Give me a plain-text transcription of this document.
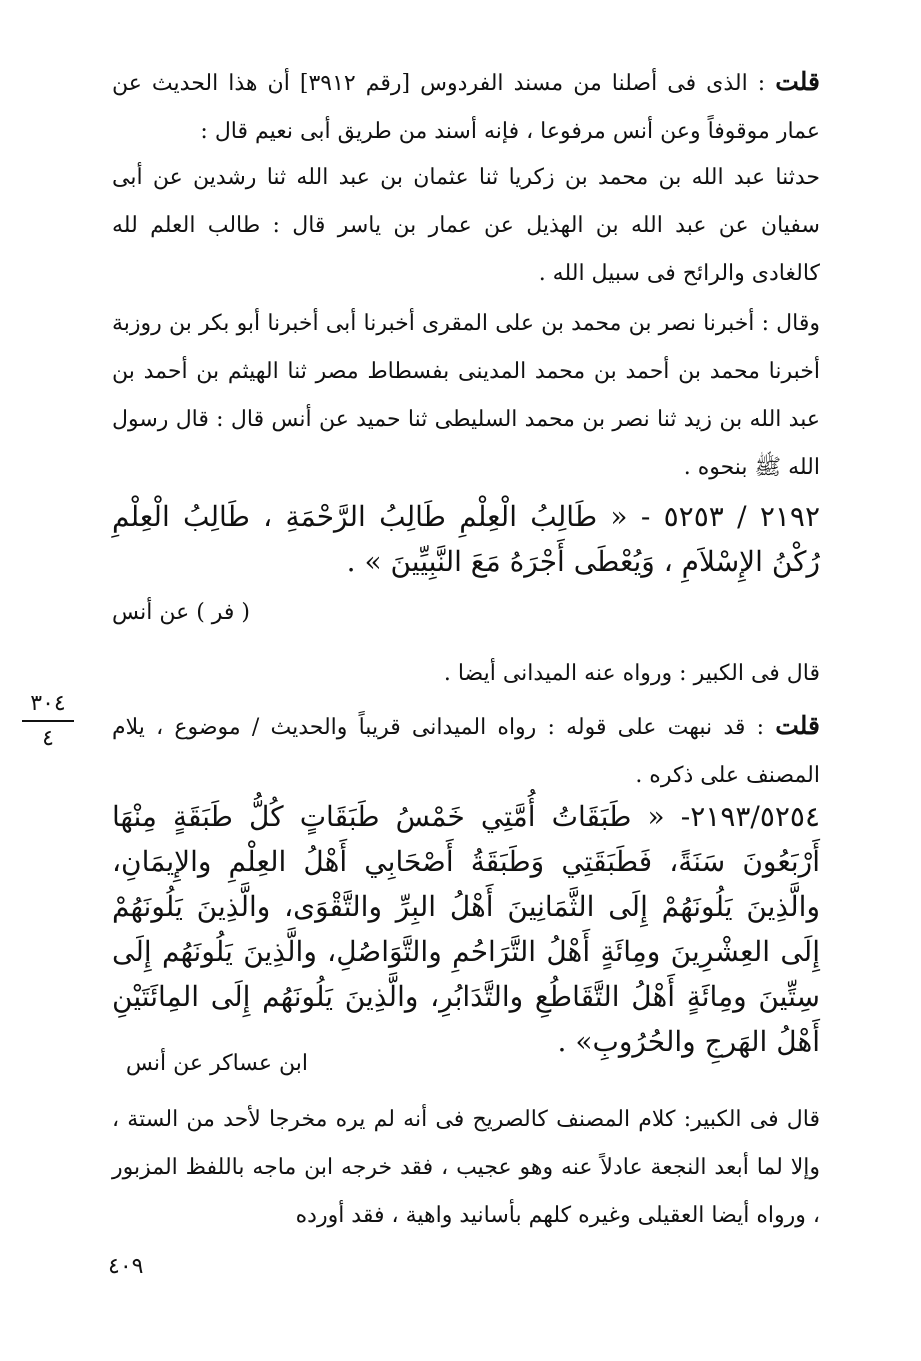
قلت : الذى فى أصلنا من مسند الفردوس [رقم ٣٩١٢] أن هذا الحديث عن عمار موقوفاً وعن أنس مرفوعا ، فإنه أسند من طريق أبى نعيم قال :

حدثنا عبد الله بن محمد بن زكريا ثنا عثمان بن عبد الله ثنا رشدين عن أبى سفيان عن عبد الله بن الهذيل عن عمار بن ياسر قال : طالب العلم لله كالغادى والرائح فى سبيل الله .

وقال : أخبرنا نصر بن محمد بن على المقرى أخبرنا أبى أخبرنا أبو بكر بن روزبة أخبرنا محمد بن أحمد بن محمد المدينى بفسطاط مصر ثنا الهيثم بن أحمد بن عبد الله بن زيد ثنا نصر بن محمد السليطى ثنا حميد عن أنس قال : قال رسول الله ﷺ بنحوه .

٢١٩٢ / ٥٢٥٣ - « طَالِبُ الْعِلْمِ طَالِبُ الرَّحْمَةِ ، طَالِبُ الْعِلْمِ رُكْنُ الإِسْلاَمِ ، وَيُعْطَى أَجْرَهُ مَعَ النَّبِيِّينَ » .

( فر ) عن أنس

قال فى الكبير : ورواه عنه الميدانى أيضا .

قلت : قد نبهت على قوله : رواه الميدانى قريباً والحديث / موضوع ، يلام المصنف على ذكره .

٢١٩٣/٥٢٥٤- « طَبَقَاتُ أُمَّتِي خَمْسُ طَبَقَاتٍ كُلُّ طَبَقَةٍ مِنْهَا أَرْبَعُونَ سَنَةً، فَطَبَقَتِي وَطَبَقَةُ أَصْحَابِي أَهْلُ العِلْمِ والإِيمَانِ، والَّذِينَ يَلُونَهُمْ إِلَى الثَّمَانِينَ أَهْلُ البِرِّ والتَّقْوَى، والَّذِينَ يَلُونَهُمْ إِلَى العِشْرِينَ ومِائَةٍ أَهْلُ التَّرَاحُمِ والتَّوَاصُلِ، والَّذِينَ يَلُونَهُم إِلَى سِتِّينَ ومِائَةٍ أَهْلُ التَّقَاطُعِ والتَّدَابُرِ، والَّذِينَ يَلُونَهُم إِلَى المِائَتَيْنِ أَهْلُ الهَرجِ والحُرُوبِ» .

ابن عساكر عن أنس

قال فى الكبير: كلام المصنف كالصريح فى أنه لم يره مخرجا لأحد من الستة ، وإلا لما أبعد النجعة عادلاً عنه وهو عجيب ، فقد خرجه ابن ماجه باللفظ المزبور ، ورواه أيضا العقيلى وغيره كلهم بأسانيد واهية ، فقد أورده

٣٠٤
٤
٤٠٩
